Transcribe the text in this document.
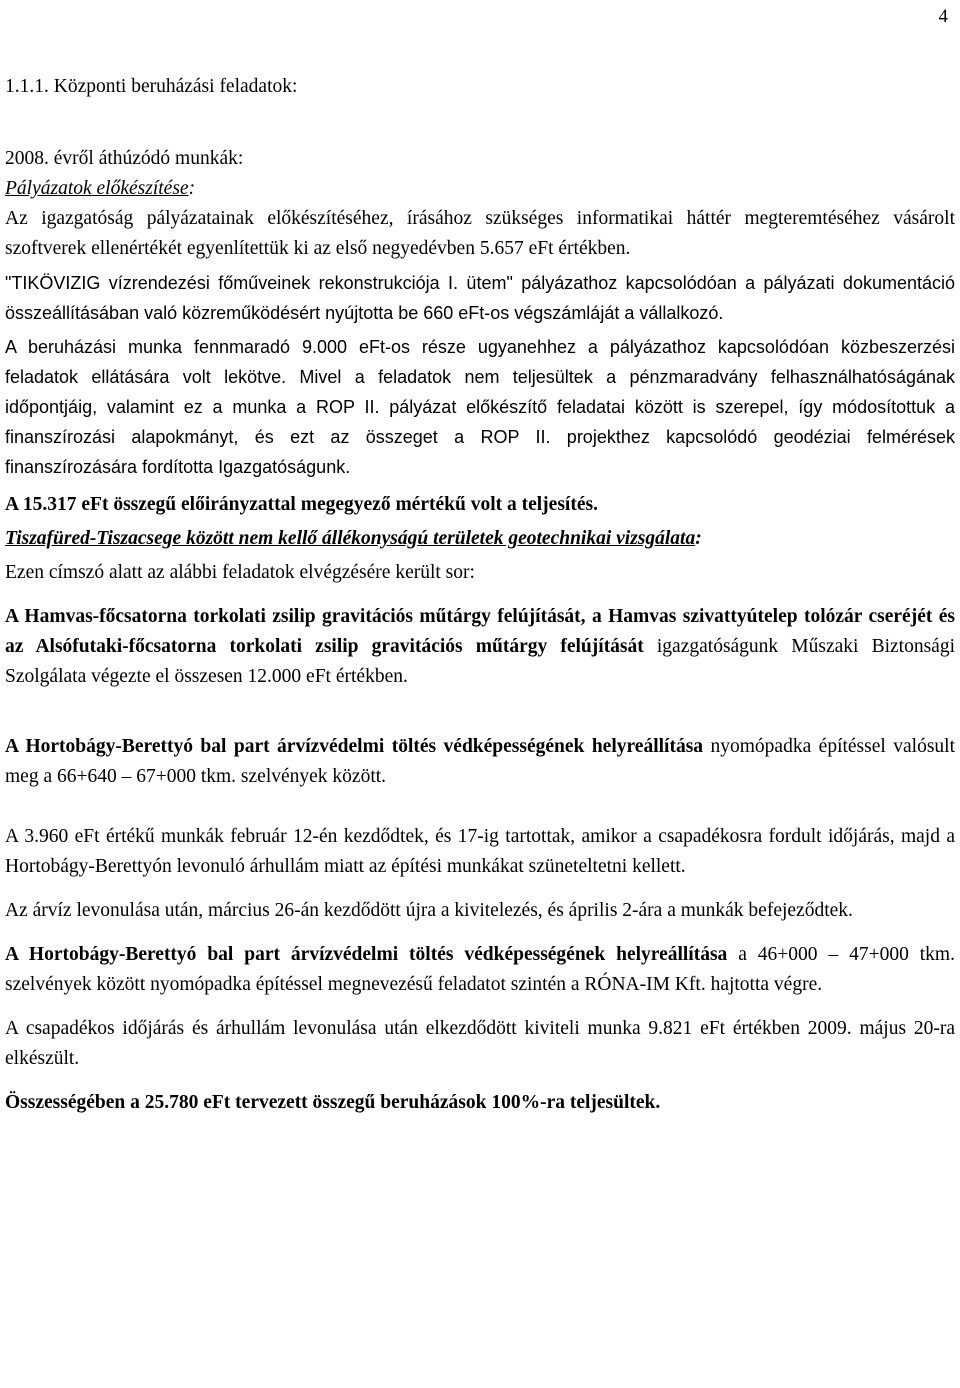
4

1.1.1. Központi beruházási feladatok:

2008. évről áthúzódó munkák:

Pályázatok előkészítése:

Az igazgatóság pályázatainak előkészítéséhez, írásához szükséges informatikai háttér megteremtéséhez vásárolt szoftverek ellenértékét egyenlítettük ki az első negyedévben 5.657 eFt értékben.

"TIKÖVIZIG vízrendezési főműveinek rekonstrukciója I. ütem" pályázathoz kapcsolódóan a pályázati dokumentáció összeállításában való közreműködésért nyújtotta be 660 eFt-os végszámláját a vállalkozó.

A beruházási munka fennmaradó 9.000 eFt-os része ugyanehhez a pályázathoz kapcsolódóan közbeszerzési feladatok ellátására volt lekötve. Mivel a feladatok nem teljesültek a pénzmaradvány felhasználhatóságának időpontjáig, valamint ez a munka a ROP II. pályázat előkészítő feladatai között is szerepel, így módosítottuk a finanszírozási alapokmányt, és ezt az összeget a ROP II. projekthez kapcsolódó geodéziai felmérések finanszírozására fordította Igazgatóságunk.

A 15.317 eFt összegű előirányzattal megegyező mértékű volt a teljesítés.

Tiszafüred-Tiszacsege között nem kellő állékonyságú területek geotechnikai vizsgálata:

Ezen címszó alatt az alábbi feladatok elvégzésére került sor:

A Hamvas-főcsatorna torkolati zsilip gravitációs műtárgy felújítását, a Hamvas szivattyútelep tolózár cseréjét és az Alsófutaki-főcsatorna torkolati zsilip gravitációs műtárgy felújítását igazgatóságunk Műszaki Biztonsági Szolgálata végezte el összesen 12.000 eFt értékben.

A Hortobágy-Berettyó bal part árvízvédelmi töltés védképességének helyreállítása nyomópadka építéssel valósult meg a 66+640 – 67+000 tkm. szelvények között.

A 3.960 eFt értékű munkák február 12-én kezdődtek, és 17-ig tartottak, amikor a csapadékosra fordult időjárás, majd a Hortobágy-Berettyón levonuló árhullám miatt az építési munkákat szüneteltetni kellett.

Az árvíz levonulása után, március 26-án kezdődött újra a kivitelezés, és április 2-ára a munkák befejeződtek.

A Hortobágy-Berettyó bal part árvízvédelmi töltés védképességének helyreállítása a 46+000 – 47+000 tkm. szelvények között nyomópadka építéssel megnevezésű feladatot szintén a RÓNA-IM Kft. hajtotta végre.

A csapadékos időjárás és árhullám levonulása után elkezdődött kiviteli munka 9.821 eFt értékben 2009. május 20-ra elkészült.

Összességében a 25.780 eFt tervezett összegű beruházások 100%-ra teljesültek.
